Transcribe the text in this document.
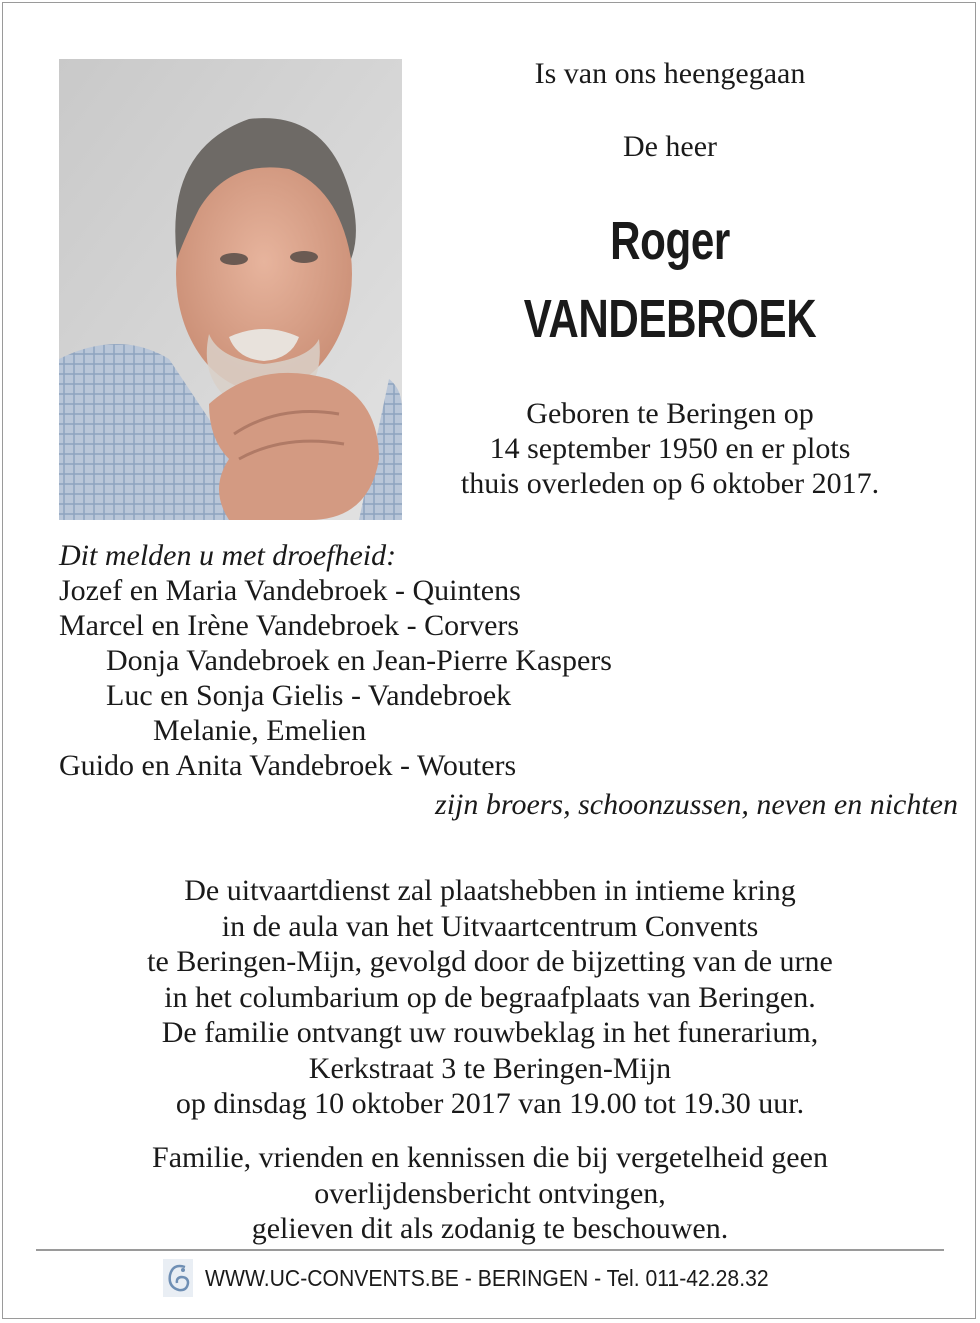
Is van ons heengegaan
De heer
Roger
VANDEBROEK
Geboren te Beringen op
14 september 1950 en er plots
thuis overleden op 6 oktober 2017.
Dit melden u met droefheid:
Jozef en Maria Vandebroek - Quintens
Marcel en Irène Vandebroek - Corvers
Donja Vandebroek en Jean-Pierre Kaspers
Luc en Sonja Gielis - Vandebroek
Melanie, Emelien
Guido en Anita Vandebroek - Wouters
zijn broers, schoonzussen, neven en nichten
De uitvaartdienst zal plaatshebben in intieme kring
in de aula van het Uitvaartcentrum Convents
te Beringen-Mijn, gevolgd door de bijzetting van de urne
in het columbarium op de begraafplaats van Beringen.
De familie ontvangt uw rouwbeklag in het funerarium,
Kerkstraat 3 te Beringen-Mijn
op dinsdag 10 oktober 2017 van 19.00 tot 19.30 uur.
Familie, vrienden en kennissen die bij vergetelheid geen
overlijdensbericht ontvingen,
gelieven dit als zodanig te beschouwen.
WWW.UC-CONVENTS.BE - BERINGEN - Tel. 011-42.28.32
